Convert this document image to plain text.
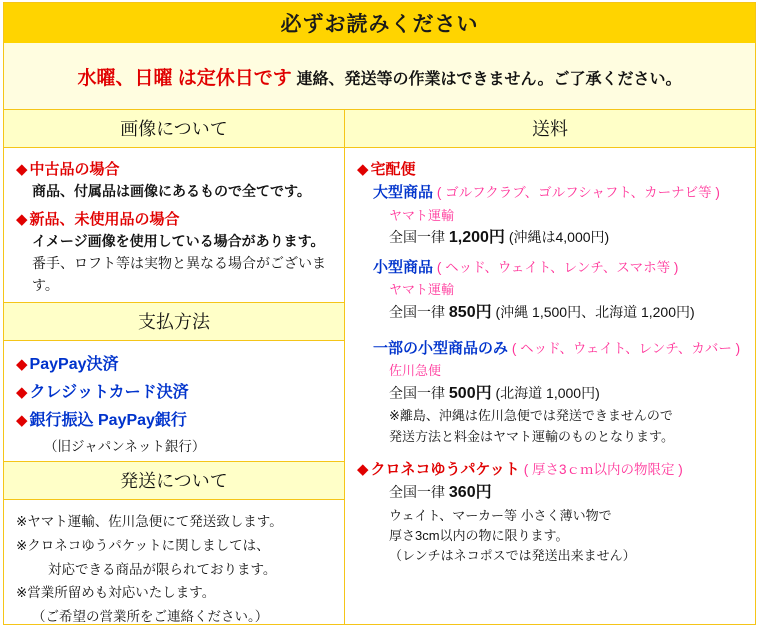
必ずお読みください
水曜、日曜 は定休日です 連絡、発送等の作業はできません。ご了承ください。
画像について
◆ 中古品の場合
商品、付属品は画像にあるもので全てです。
◆ 新品、未使用品の場合
イメージ画像を使用している場合があります。
番手、ロフト等は実物と異なる場合がございます。
支払方法
◆ PayPay決済
◆ クレジットカード決済
◆ 銀行振込 PayPay銀行
（旧ジャパンネット銀行）
発送について
※ヤマト運輸、佐川急便にて発送致します。
※クロネコゆうパケットに関しましては、
対応できる商品が限られております。
※営業所留めも対応いたします。
（ご希望の営業所をご連絡ください。）
送料
◆ 宅配便
大型商品 ( ゴルフクラブ、ゴルフシャフト、カーナビ等 )
ヤマト運輸
全国一律 1,200円 (沖縄は4,000円)
小型商品 ( ヘッド、ウェイト、レンチ、スマホ等 )
ヤマト運輸
全国一律 850円 (沖縄 1,500円、北海道 1,200円)
一部の小型商品のみ ( ヘッド、ウェイト、レンチ、カバー )
佐川急便
全国一律 500円 (北海道 1,000円)
※離島、沖縄は佐川急便では発送できませんので
発送方法と料金はヤマト運輸のものとなります。
◆ クロネコゆうパケット ( 厚さ3ｃｍ以内の物限定 )
全国一律 360円
ウェイト、マーカー等 小さく薄い物で
厚さ3cm以内の物に限ります。
（レンチはネコポスでは発送出来ません）
